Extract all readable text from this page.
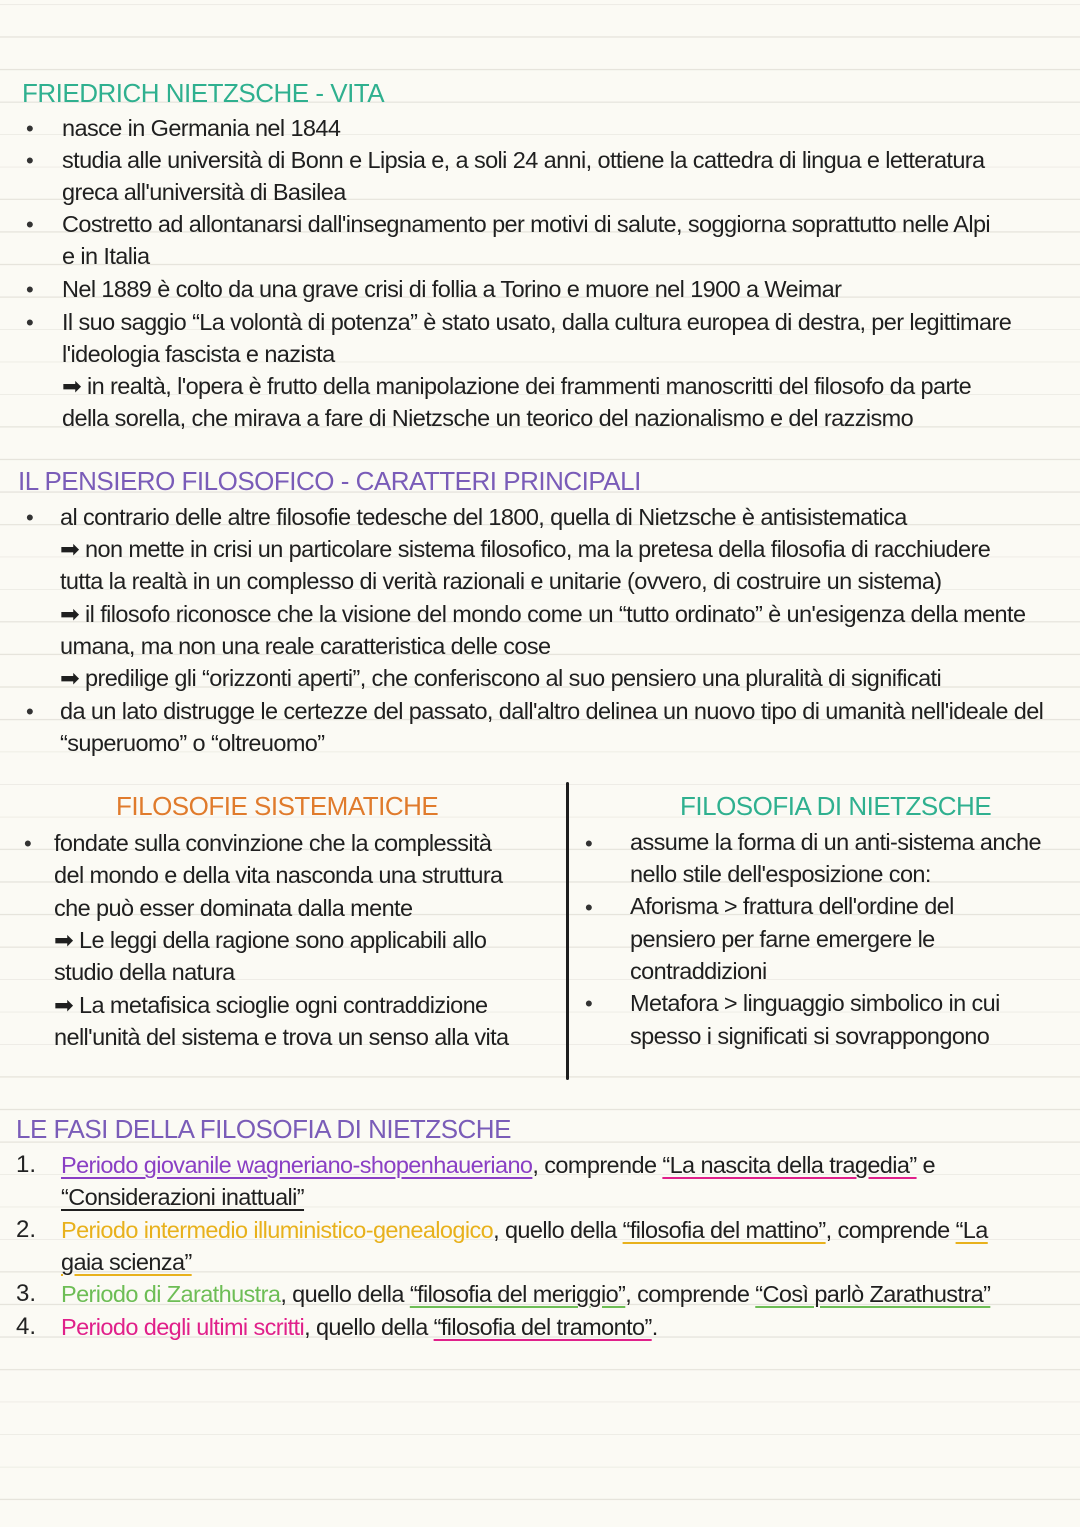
FRIEDRICH NIETZSCHE - VITA
• nasce in Germania nel 1844
• studia alle università di Bonn e Lipsia e, a soli 24 anni, ottiene la cattedra di lingua e letteratura
greca all'università di Basilea
• Costretto ad allontanarsi dall'insegnamento per motivi di salute, soggiorna soprattutto nelle Alpi
e in Italia
• Nel 1889 è colto da una grave crisi di follia a Torino e muore nel 1900 a Weimar
• Il suo saggio “La volontà di potenza” è stato usato, dalla cultura europea di destra, per legittimare
l'ideologia fascista e nazista
➡ in realtà, l'opera è frutto della manipolazione dei frammenti manoscritti del filosofo da parte
della sorella, che mirava a fare di Nietzsche un teorico del nazionalismo e del razzismo
IL PENSIERO FILOSOFICO - CARATTERI PRINCIPALI
• al contrario delle altre filosofie tedesche del 1800, quella di Nietzsche è antisistematica
➡ non mette in crisi un particolare sistema filosofico, ma la pretesa della filosofia di racchiudere
tutta la realtà in un complesso di verità razionali e unitarie (ovvero, di costruire un sistema)
➡ il filosofo riconosce che la visione del mondo come un “tutto ordinato” è un'esigenza della mente
umana, ma non una reale caratteristica delle cose
➡ predilige gli “orizzonti aperti”, che conferiscono al suo pensiero una pluralità di significati
• da un lato distrugge le certezze del passato, dall'altro delinea un nuovo tipo di umanità nell'ideale del
“superuomo” o “oltreuomo”
FILOSOFIE SISTEMATICHE	FILOSOFIA DI NIETZSCHE
• fondate sulla convinzione che la complessità
del mondo e della vita nasconda una struttura
che può esser dominata dalla mente
➡ Le leggi della ragione sono applicabili allo
studio della natura
➡ La metafisica scioglie ogni contraddizione
nell'unità del sistema e trova un senso alla vita
• assume la forma di un anti-sistema anche
nello stile dell'esposizione con:
• Aforisma > frattura dell'ordine del
pensiero per farne emergere le
contraddizioni
• Metafora > linguaggio simbolico in cui
spesso i significati si sovrappongono
LE FASI DELLA FILOSOFIA DI NIETZSCHE
1. Periodo giovanile wagneriano-shopenhaueriano, comprende “La nascita della tragedia” e
“Considerazioni inattuali”
2. Periodo intermedio illuministico-genealogico, quello della “filosofia del mattino”, comprende “La
gaia scienza”
3. Periodo di Zarathustra, quello della “filosofia del meriggio”, comprende “Così parlò Zarathustra”
4. Periodo degli ultimi scritti, quello della “filosofia del tramonto”.
